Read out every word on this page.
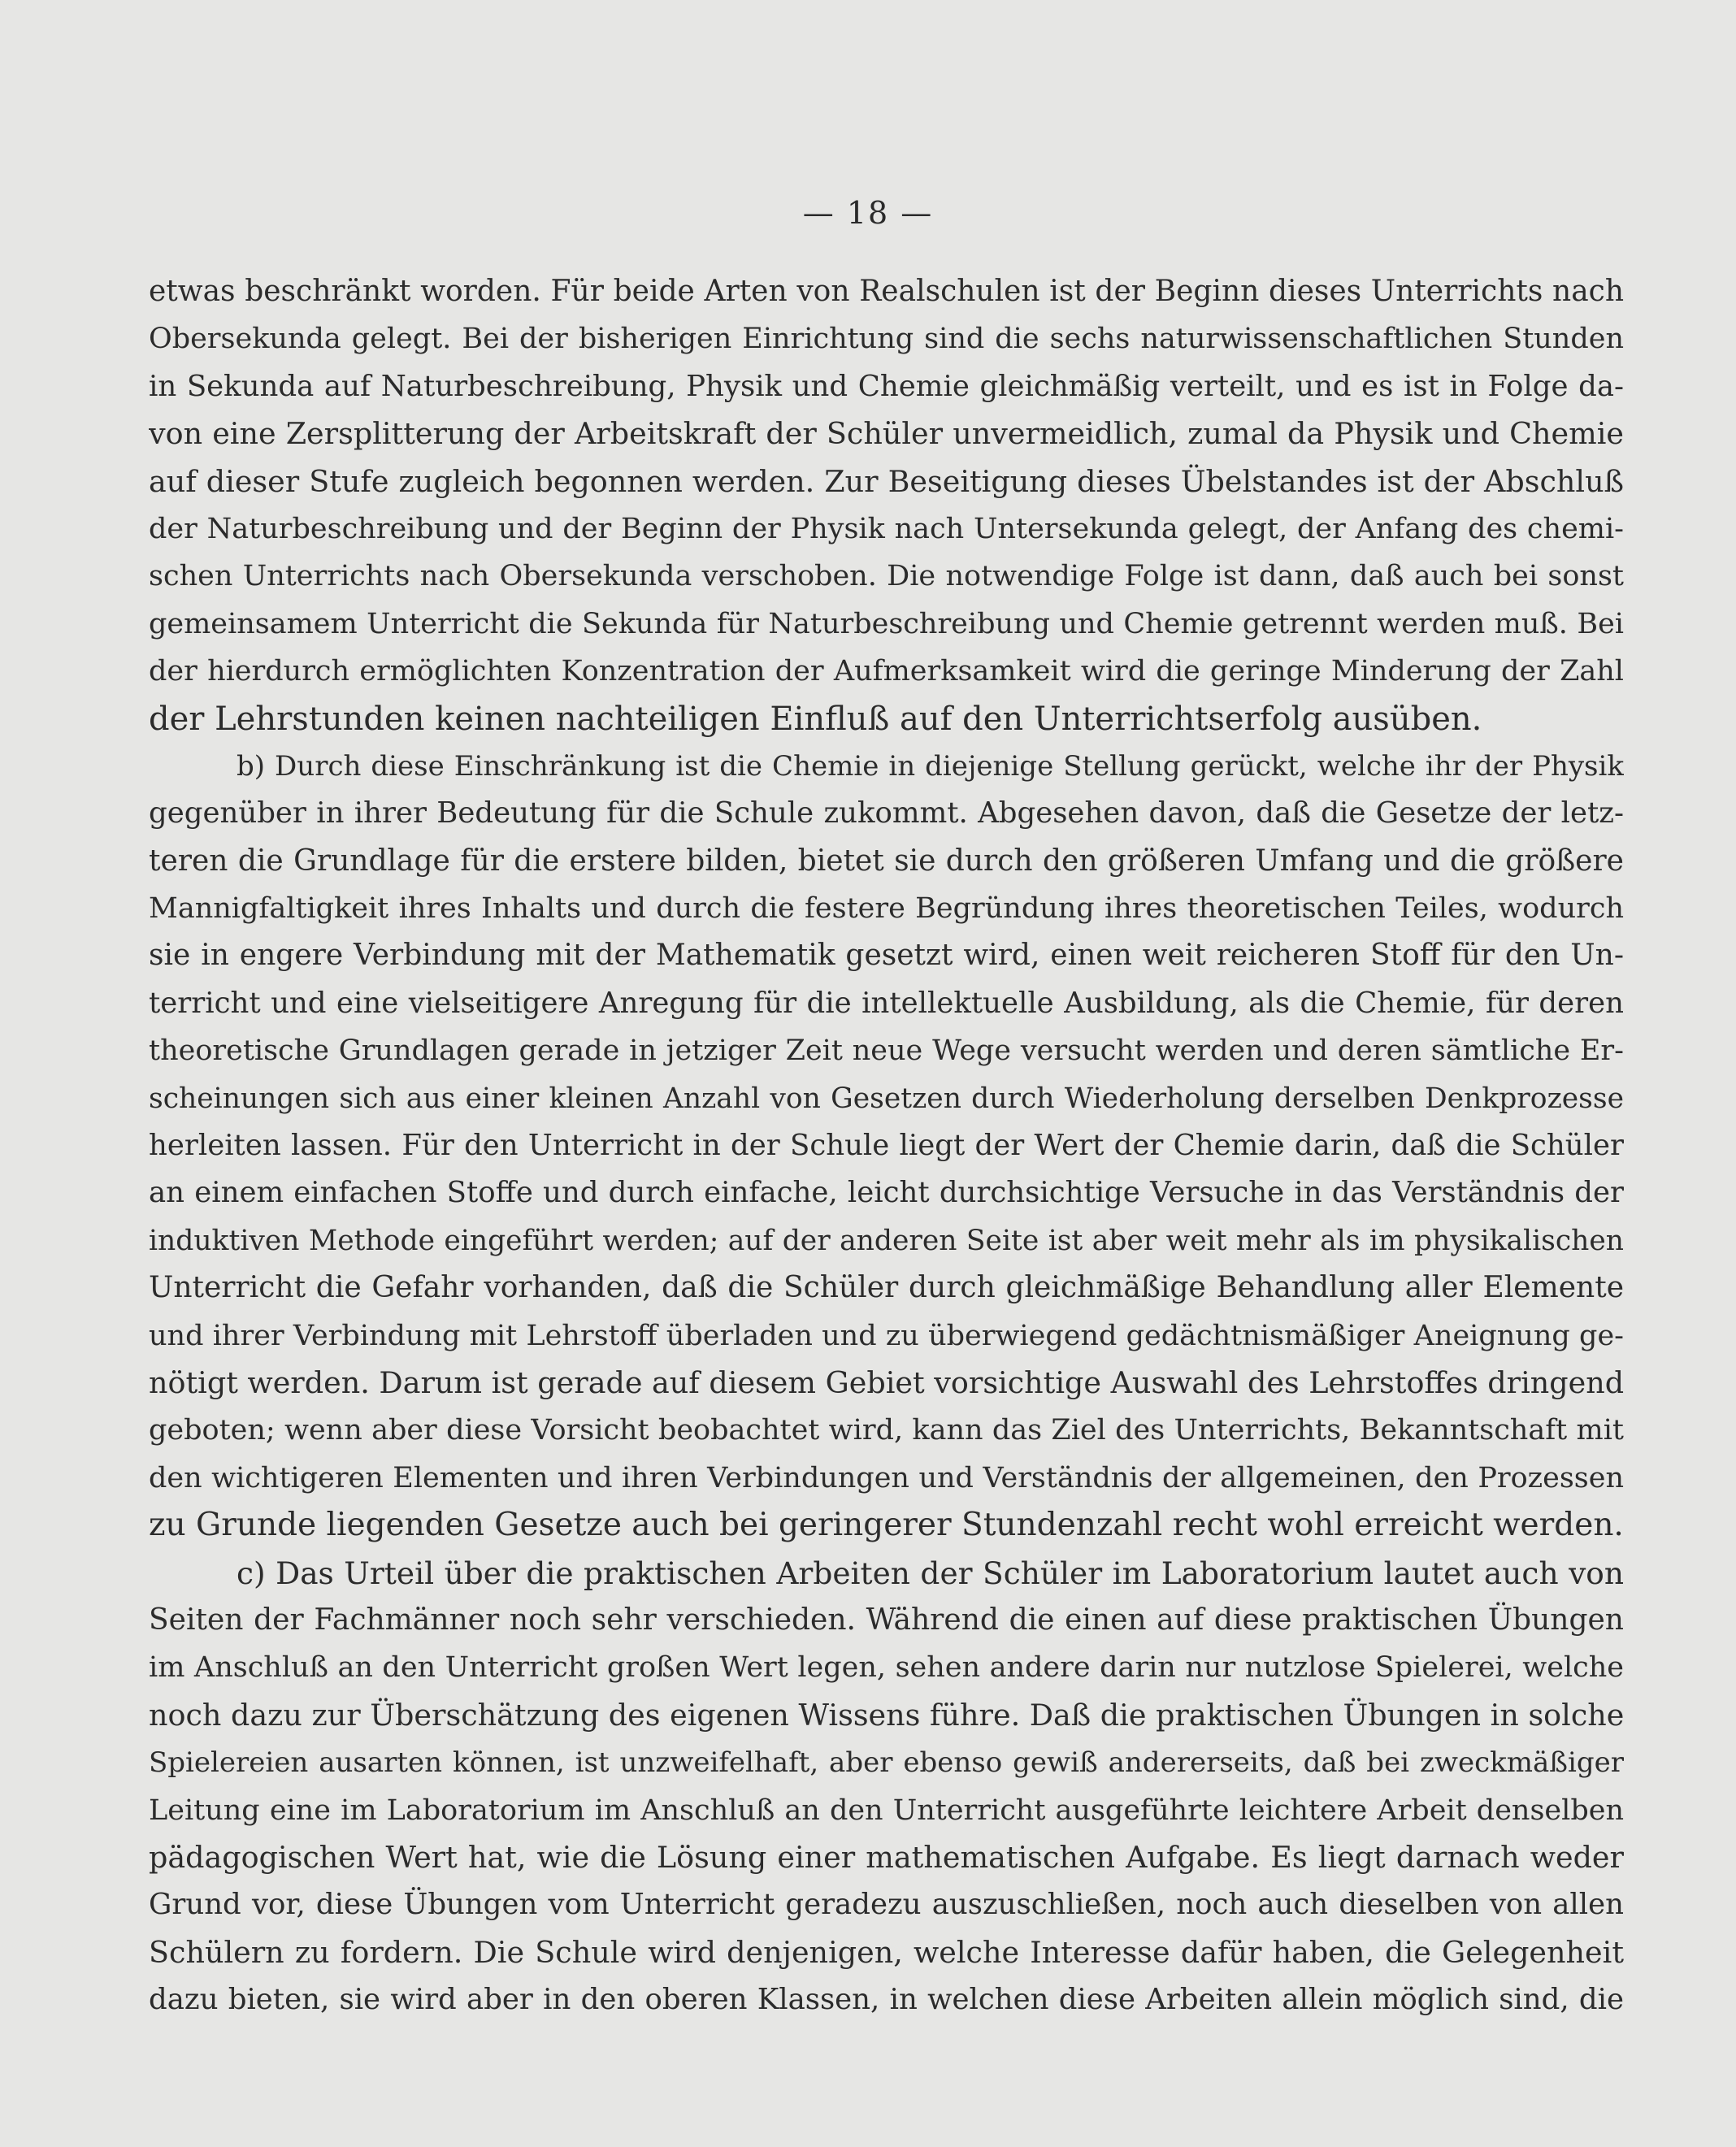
— 18 —
etwas beschränkt worden. Für beide Arten von Realschulen ist der Beginn dieses Unterrichts nach
Obersekunda gelegt. Bei der bisherigen Einrichtung sind die sechs naturwissenschaftlichen Stunden
in Sekunda auf Naturbeschreibung, Physik und Chemie gleichmäßig verteilt, und es ist in Folge da-
von eine Zersplitterung der Arbeitskraft der Schüler unvermeidlich, zumal da Physik und Chemie
auf dieser Stufe zugleich begonnen werden. Zur Beseitigung dieses Übelstandes ist der Abschluß
der Naturbeschreibung und der Beginn der Physik nach Untersekunda gelegt, der Anfang des chemi-
schen Unterrichts nach Obersekunda verschoben. Die notwendige Folge ist dann, daß auch bei sonst
gemeinsamem Unterricht die Sekunda für Naturbeschreibung und Chemie getrennt werden muß. Bei
der hierdurch ermöglichten Konzentration der Aufmerksamkeit wird die geringe Minderung der Zahl
der Lehrstunden keinen nachteiligen Einfluß auf den Unterrichtserfolg ausüben.
b) Durch diese Einschränkung ist die Chemie in diejenige Stellung gerückt, welche ihr der Physik
gegenüber in ihrer Bedeutung für die Schule zukommt. Abgesehen davon, daß die Gesetze der letz-
teren die Grundlage für die erstere bilden, bietet sie durch den größeren Umfang und die größere
Mannigfaltigkeit ihres Inhalts und durch die festere Begründung ihres theoretischen Teiles, wodurch
sie in engere Verbindung mit der Mathematik gesetzt wird, einen weit reicheren Stoff für den Un-
terricht und eine vielseitigere Anregung für die intellektuelle Ausbildung, als die Chemie, für deren
theoretische Grundlagen gerade in jetziger Zeit neue Wege versucht werden und deren sämtliche Er-
scheinungen sich aus einer kleinen Anzahl von Gesetzen durch Wiederholung derselben Denkprozesse
herleiten lassen. Für den Unterricht in der Schule liegt der Wert der Chemie darin, daß die Schüler
an einem einfachen Stoffe und durch einfache, leicht durchsichtige Versuche in das Verständnis der
induktiven Methode eingeführt werden; auf der anderen Seite ist aber weit mehr als im physikalischen
Unterricht die Gefahr vorhanden, daß die Schüler durch gleichmäßige Behandlung aller Elemente
und ihrer Verbindung mit Lehrstoff überladen und zu überwiegend gedächtnismäßiger Aneignung ge-
nötigt werden. Darum ist gerade auf diesem Gebiet vorsichtige Auswahl des Lehrstoffes dringend
geboten; wenn aber diese Vorsicht beobachtet wird, kann das Ziel des Unterrichts, Bekanntschaft mit
den wichtigeren Elementen und ihren Verbindungen und Verständnis der allgemeinen, den Prozessen
zu Grunde liegenden Gesetze auch bei geringerer Stundenzahl recht wohl erreicht werden.
c) Das Urteil über die praktischen Arbeiten der Schüler im Laboratorium lautet auch von
Seiten der Fachmänner noch sehr verschieden. Während die einen auf diese praktischen Übungen
im Anschluß an den Unterricht großen Wert legen, sehen andere darin nur nutzlose Spielerei, welche
noch dazu zur Überschätzung des eigenen Wissens führe. Daß die praktischen Übungen in solche
Spielereien ausarten können, ist unzweifelhaft, aber ebenso gewiß andererseits, daß bei zweckmäßiger
Leitung eine im Laboratorium im Anschluß an den Unterricht ausgeführte leichtere Arbeit denselben
pädagogischen Wert hat, wie die Lösung einer mathematischen Aufgabe. Es liegt darnach weder
Grund vor, diese Übungen vom Unterricht geradezu auszuschließen, noch auch dieselben von allen
Schülern zu fordern. Die Schule wird denjenigen, welche Interesse dafür haben, die Gelegenheit
dazu bieten, sie wird aber in den oberen Klassen, in welchen diese Arbeiten allein möglich sind, die
